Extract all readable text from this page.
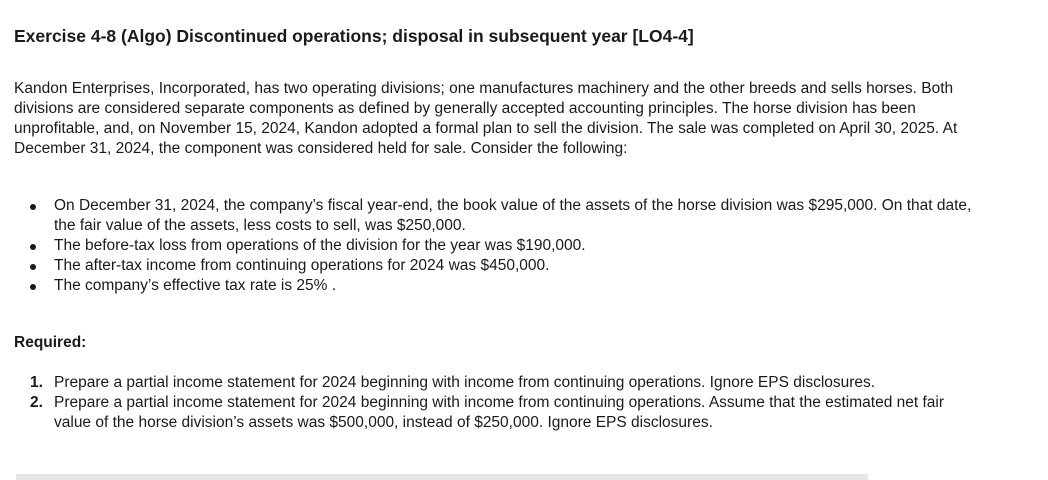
Exercise 4-8 (Algo) Discontinued operations; disposal in subsequent year [LO4-4]

Kandon Enterprises, Incorporated, has two operating divisions; one manufactures machinery and the other breeds and sells horses. Both divisions are considered separate components as defined by generally accepted accounting principles. The horse division has been unprofitable, and, on November 15, 2024, Kandon adopted a formal plan to sell the division. The sale was completed on April 30, 2025. At December 31, 2024, the component was considered held for sale. Consider the following:

On December 31, 2024, the company’s fiscal year-end, the book value of the assets of the horse division was $295,000. On that date, the fair value of the assets, less costs to sell, was $250,000.
The before-tax loss from operations of the division for the year was $190,000.
The after-tax income from continuing operations for 2024 was $450,000.
The company’s effective tax rate is 25% .
Required:
1. Prepare a partial income statement for 2024 beginning with income from continuing operations. Ignore EPS disclosures.
2. Prepare a partial income statement for 2024 beginning with income from continuing operations. Assume that the estimated net fair value of the horse division’s assets was $500,000, instead of $250,000. Ignore EPS disclosures.
